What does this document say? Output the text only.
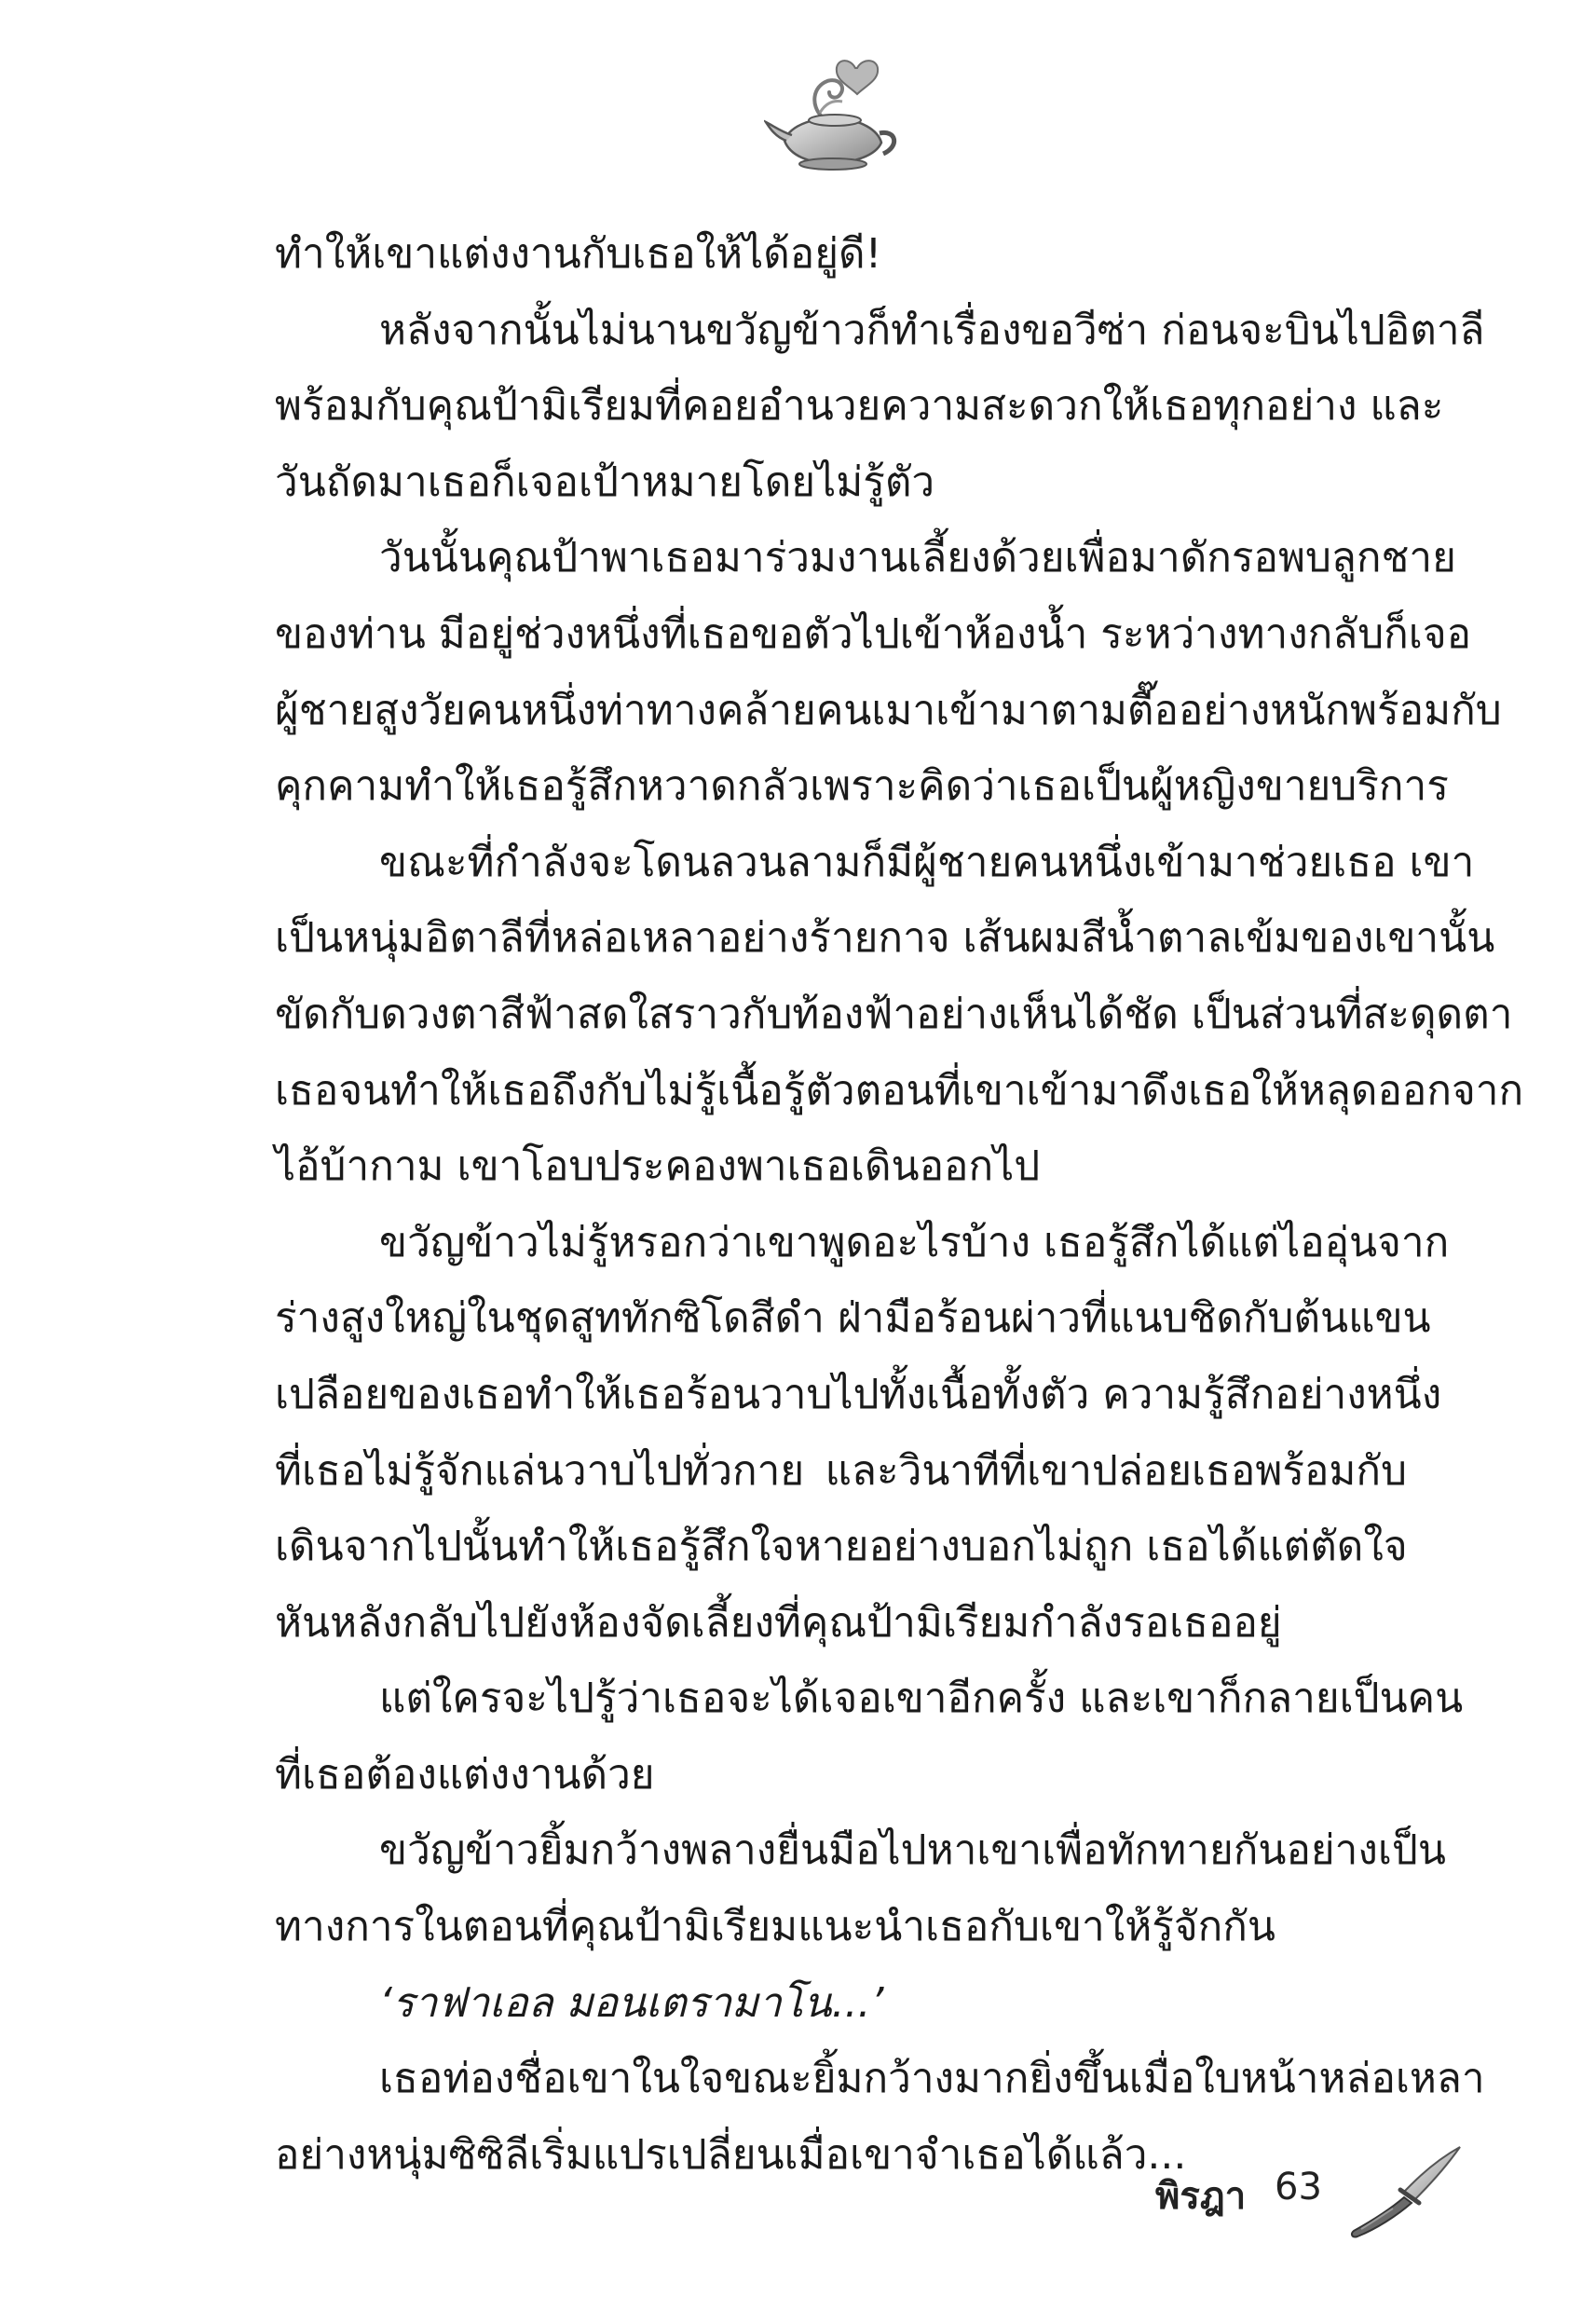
ทำให้เขาแต่งงานกับเธอให้ได้อยู่ดี!
หลังจากนั้นไม่นานขวัญข้าวก็ทำเรื่องขอวีซ่า ก่อนจะบินไปอิตาลี
พร้อมกับคุณป้ามิเรียมที่คอยอำนวยความสะดวกให้เธอทุกอย่าง และ
วันถัดมาเธอก็เจอเป้าหมายโดยไม่รู้ตัว
วันนั้นคุณป้าพาเธอมาร่วมงานเลี้ยงด้วยเพื่อมาดักรอพบลูกชาย
ของท่าน มีอยู่ช่วงหนึ่งที่เธอขอตัวไปเข้าห้องน้ำ ระหว่างทางกลับก็เจอ
ผู้ชายสูงวัยคนหนึ่งท่าทางคล้ายคนเมาเข้ามาตามตื๊ออย่างหนักพร้อมกับ
คุกคามทำให้เธอรู้สึกหวาดกลัวเพราะคิดว่าเธอเป็นผู้หญิงขายบริการ
ขณะที่กำลังจะโดนลวนลามก็มีผู้ชายคนหนึ่งเข้ามาช่วยเธอ เขา
เป็นหนุ่มอิตาลีที่หล่อเหลาอย่างร้ายกาจ เส้นผมสีน้ำตาลเข้มของเขานั้น
ขัดกับดวงตาสีฟ้าสดใสราวกับท้องฟ้าอย่างเห็นได้ชัด เป็นส่วนที่สะดุดตา
เธอจนทำให้เธอถึงกับไม่รู้เนื้อรู้ตัวตอนที่เขาเข้ามาดึงเธอให้หลุดออกจาก
ไอ้บ้ากาม เขาโอบประคองพาเธอเดินออกไป
ขวัญข้าวไม่รู้หรอกว่าเขาพูดอะไรบ้าง เธอรู้สึกได้แต่ไออุ่นจาก
ร่างสูงใหญ่ในชุดสูททักซิโดสีดำ ฝ่ามือร้อนผ่าวที่แนบชิดกับต้นแขน
เปลือยของเธอทำให้เธอร้อนวาบไปทั้งเนื้อทั้งตัว ความรู้สึกอย่างหนึ่ง
ที่เธอไม่รู้จักแล่นวาบไปทั่วกาย และวินาทีที่เขาปล่อยเธอพร้อมกับ
เดินจากไปนั้นทำให้เธอรู้สึกใจหายอย่างบอกไม่ถูก เธอได้แต่ตัดใจ
หันหลังกลับไปยังห้องจัดเลี้ยงที่คุณป้ามิเรียมกำลังรอเธออยู่
แต่ใครจะไปรู้ว่าเธอจะได้เจอเขาอีกครั้ง และเขาก็กลายเป็นคน
ที่เธอต้องแต่งงานด้วย
ขวัญข้าวยิ้มกว้างพลางยื่นมือไปหาเขาเพื่อทักทายกันอย่างเป็น
ทางการในตอนที่คุณป้ามิเรียมแนะนำเธอกับเขาให้รู้จักกัน
‘ราฟาเอล มอนเตรามาโน...’
เธอท่องชื่อเขาในใจขณะยิ้มกว้างมากยิ่งขึ้นเมื่อใบหน้าหล่อเหลา
อย่างหนุ่มซิซิลีเริ่มแปรเปลี่ยนเมื่อเขาจำเธอได้แล้ว...
พิรฎา 63
